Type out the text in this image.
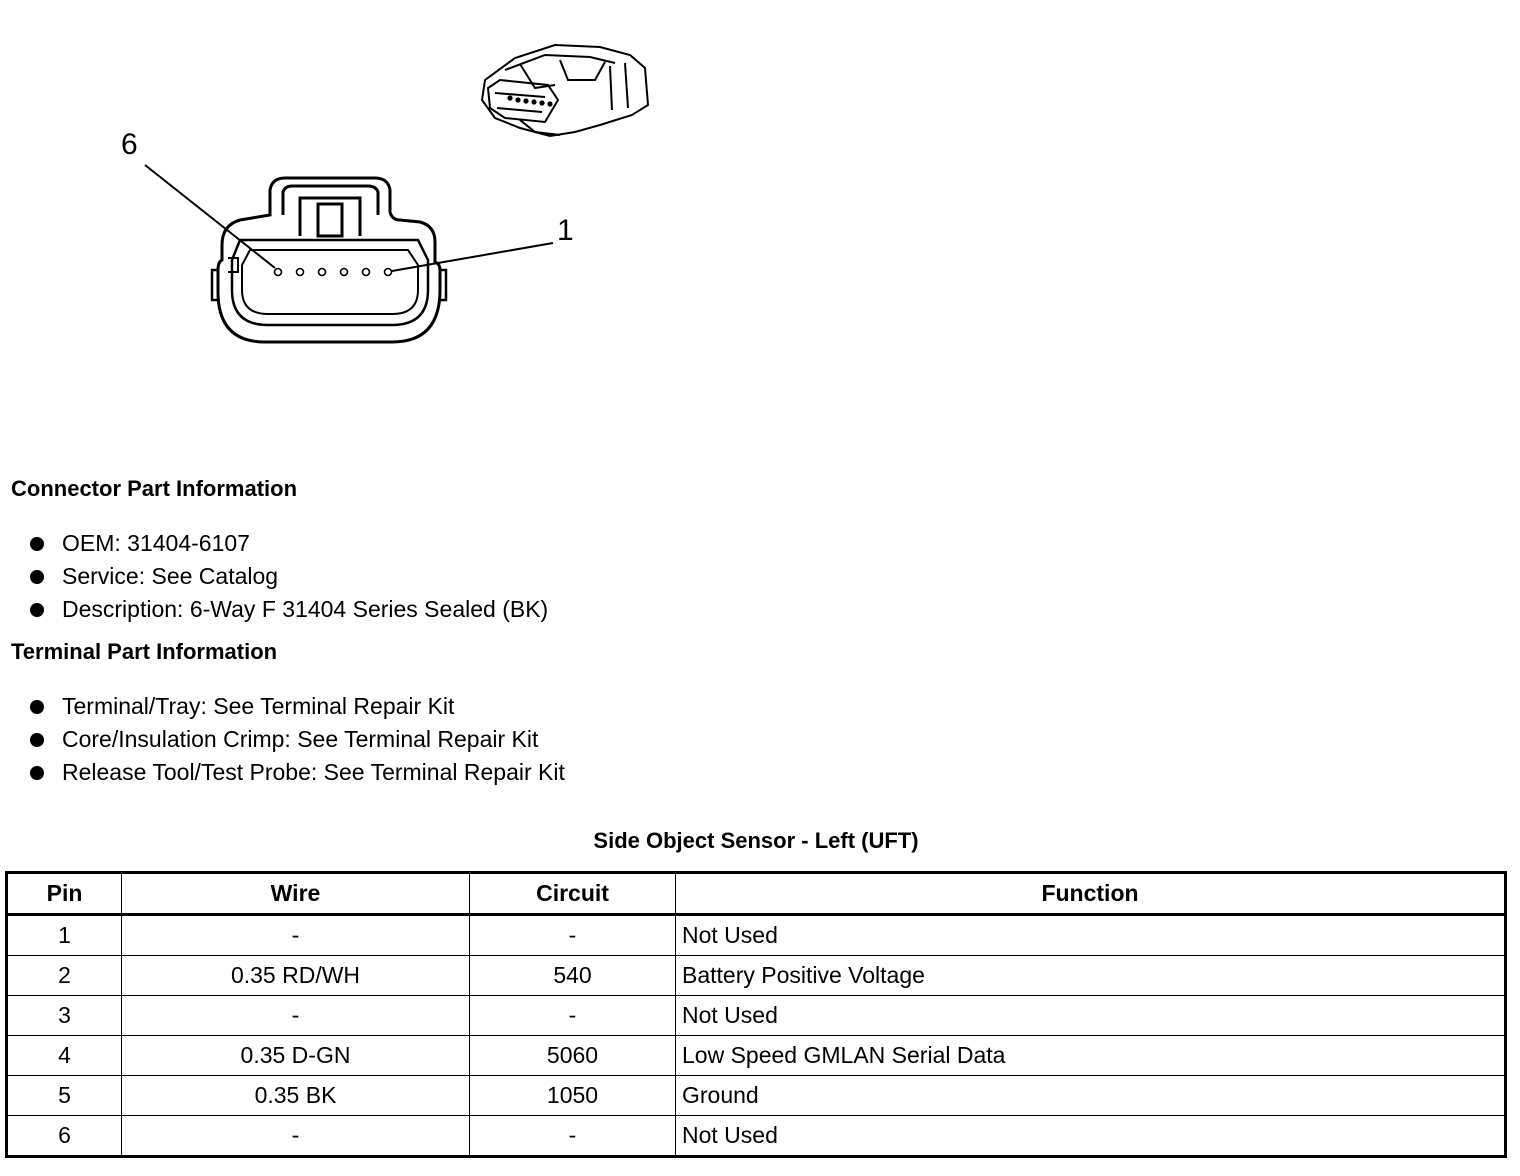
6
1
Connector Part Information
OEM: 31404-6107
Service: See Catalog
Description: 6-Way F 31404 Series Sealed (BK)
Terminal Part Information
Terminal/Tray: See Terminal Repair Kit
Core/Insulation Crimp: See Terminal Repair Kit
Release Tool/Test Probe: See Terminal Repair Kit
Side Object Sensor - Left (UFT)
Pin	Wire	Circuit	Function
1	-	-	Not Used
2	0.35 RD/WH	540	Battery Positive Voltage
3	-	-	Not Used
4	0.35 D-GN	5060	Low Speed GMLAN Serial Data
5	0.35 BK	1050	Ground
6	-	-	Not Used
